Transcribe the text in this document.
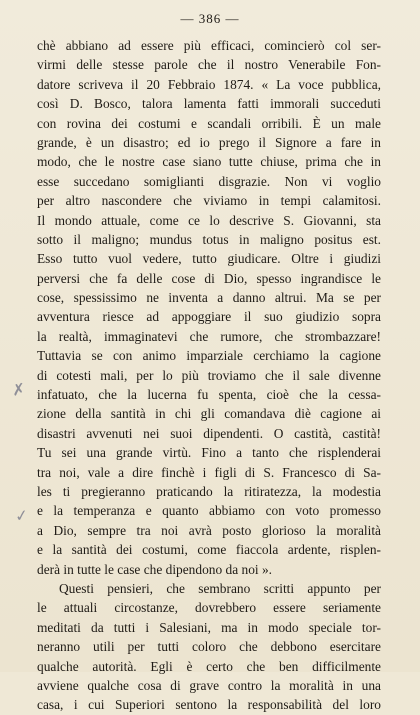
— 386 —
chè abbiano ad essere più efficaci, comincierò col ser-
virmi delle stesse parole che il nostro Venerabile Fon-
datore scriveva il 20 Febbraio 1874. « La voce pubblica,
così D. Bosco, talora lamenta fatti immorali succeduti
con rovina dei costumi e scandali orribili. È un male
grande, è un disastro; ed io prego il Signore a fare in
modo, che le nostre case siano tutte chiuse, prima che in
esse succedano somiglianti disgrazie. Non vi voglio
per altro nascondere che viviamo in tempi calamitosi.
Il mondo attuale, come ce lo descrive S. Giovanni, sta
sotto il maligno; mundus totus in maligno positus est.
Esso tutto vuol vedere, tutto giudicare. Oltre i giudizi
perversi che fa delle cose di Dio, spesso ingrandisce le
cose, spessissimo ne inventa a danno altrui. Ma se per
avventura riesce ad appoggiare il suo giudizio sopra
la realtà, immaginatevi che rumore, che strombazzare!
Tuttavia se con animo imparziale cerchiamo la cagione
di cotesti mali, per lo più troviamo che il sale divenne
infatuato, che la lucerna fu spenta, cioè che la cessa-
zione della santità in chi gli comandava diè cagione ai
disastri avvenuti nei suoi dipendenti. O castità, castità!
Tu sei una grande virtù. Fino a tanto che risplenderai
tra noi, vale a dire finchè i figli di S. Francesco di Sa-
les ti pregieranno praticando la ritiratezza, la modestia
e la temperanza e quanto abbiamo con voto promesso
a Dio, sempre tra noi avrà posto glorioso la moralità
e la santità dei costumi, come fiaccola ardente, risplen-
derà in tutte le case che dipendono da noi ».
Questi pensieri, che sembrano scritti appunto per
le attuali circostanze, dovrebbero essere seriamente
meditati da tutti i Salesiani, ma in modo speciale tor-
neranno utili per tutti coloro che debbono esercitare
qualche autorità. Egli è certo che ben difficilmente
avviene qualche cosa di grave contro la moralità in una
casa, i cui Superiori sentono la responsabilità del loro
✗
✓
